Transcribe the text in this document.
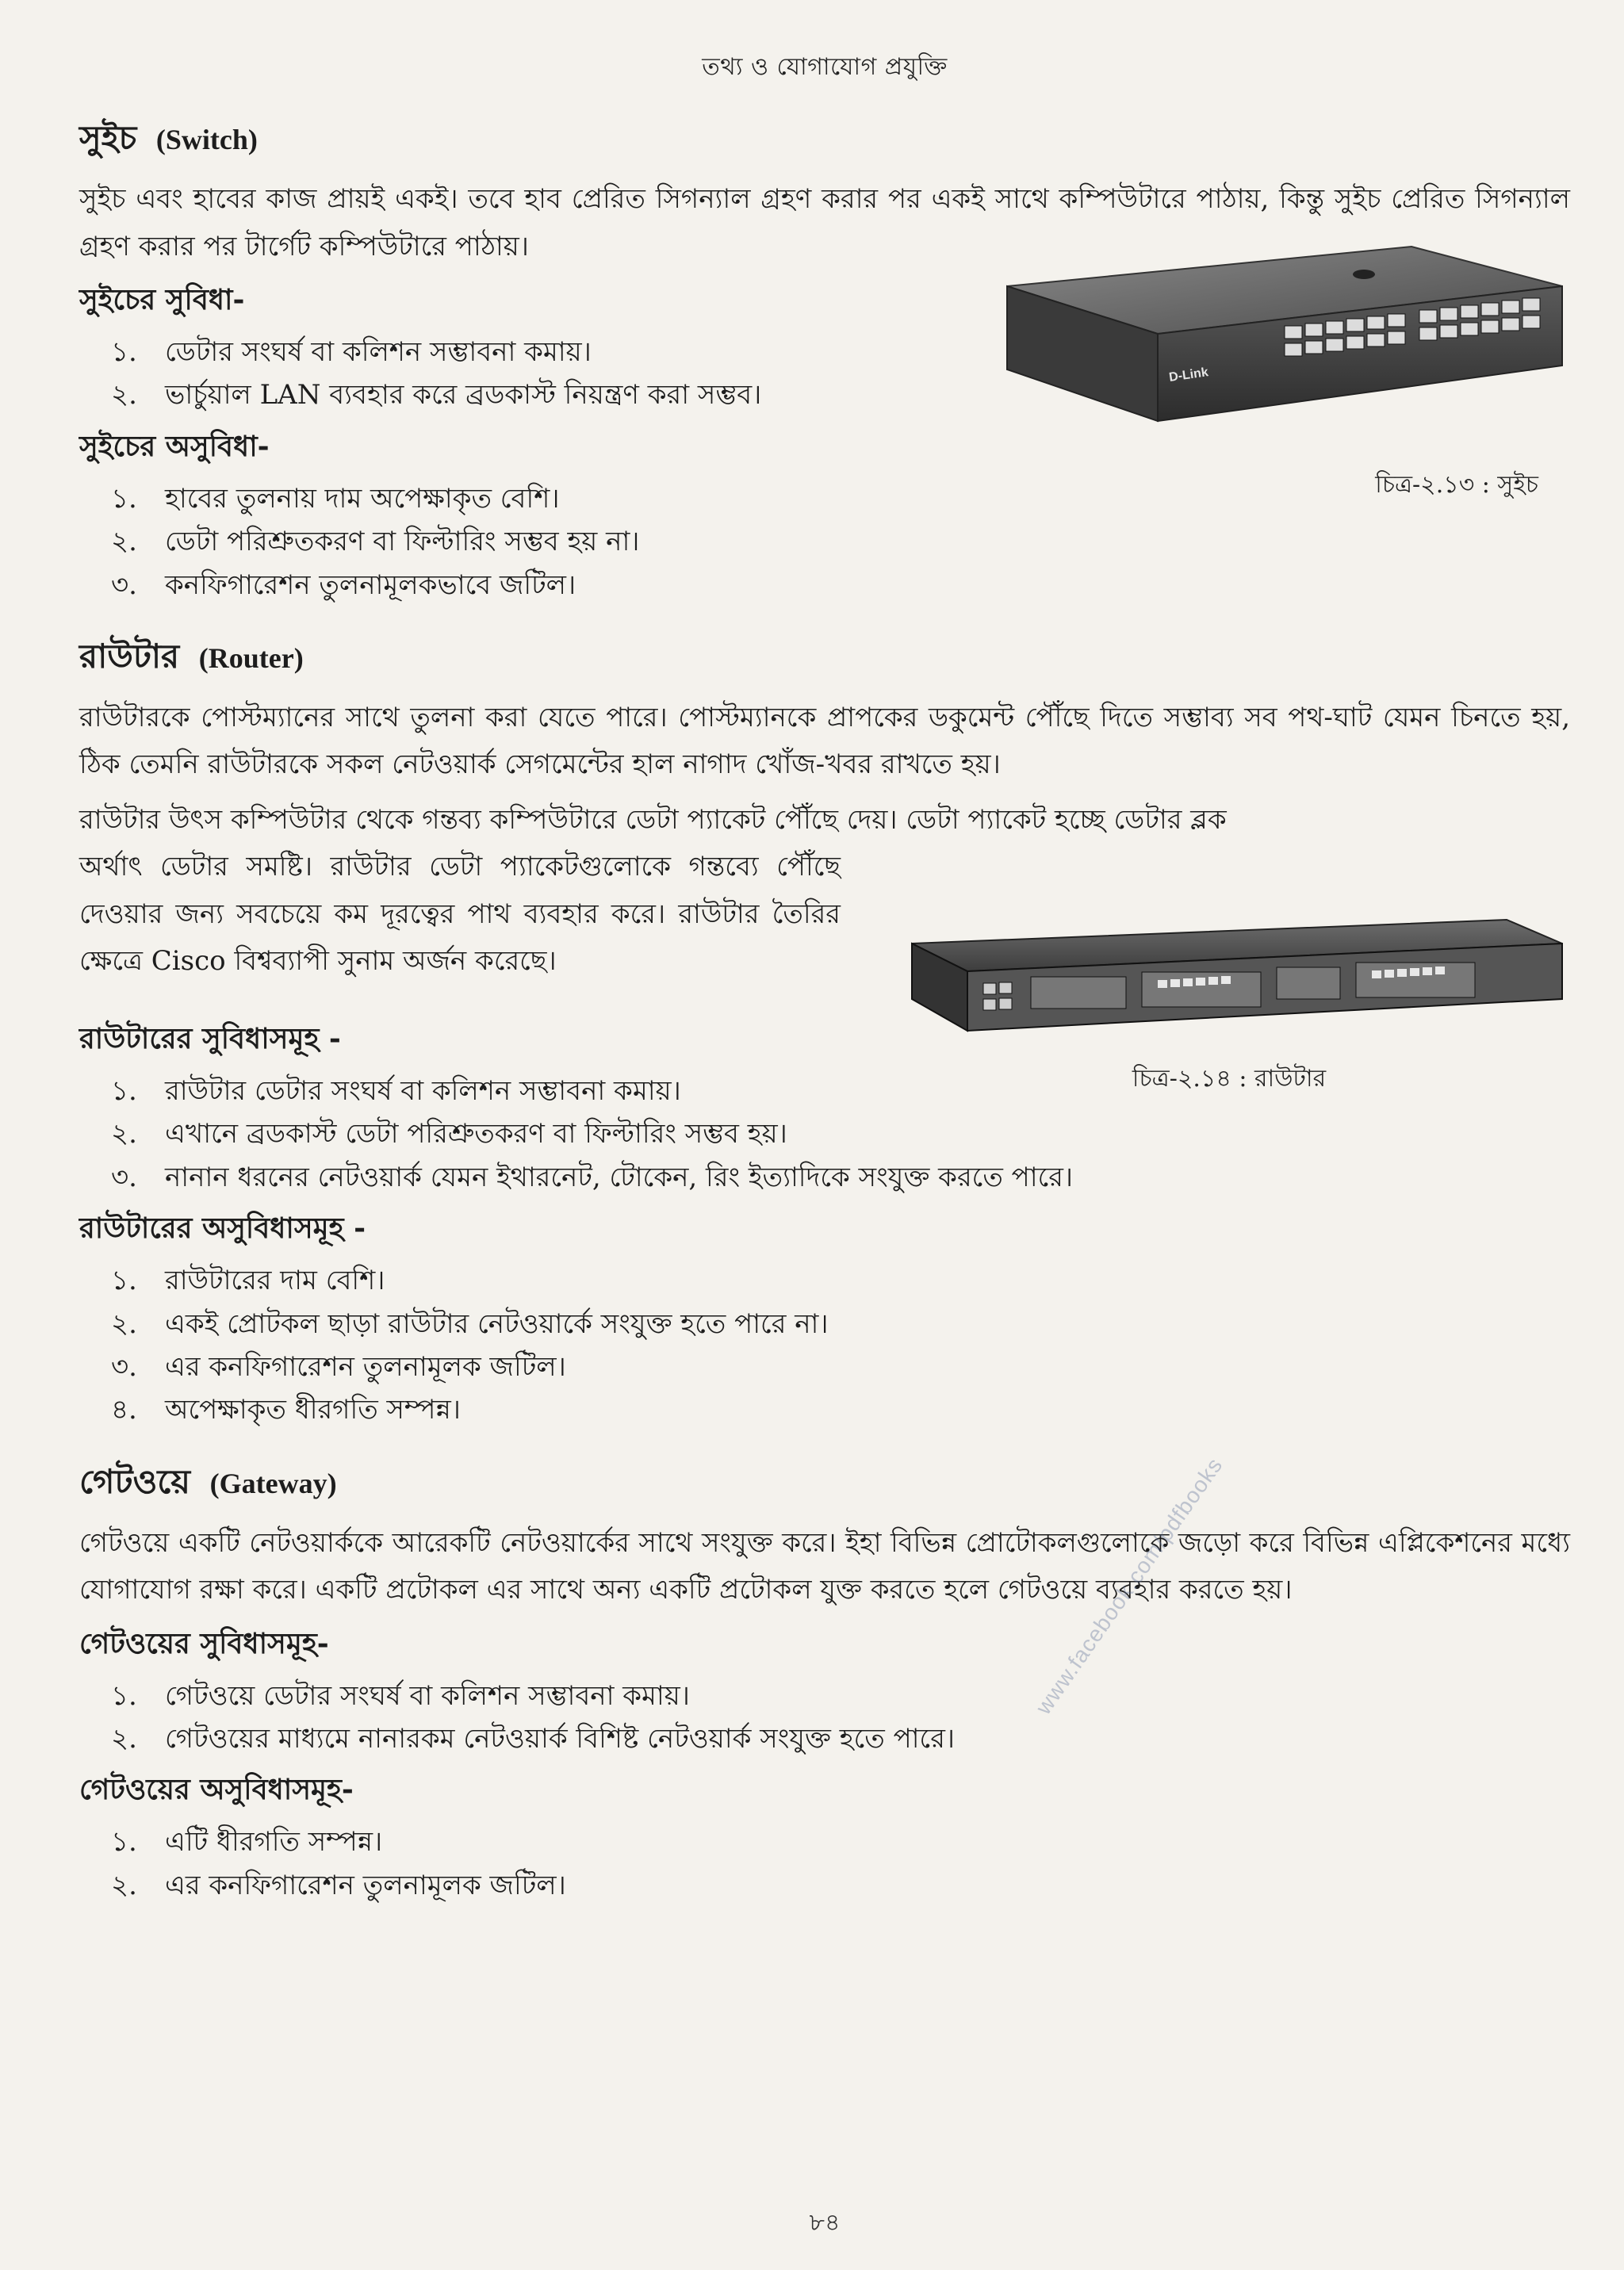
তথ্য ও যোগাযোগ প্রযুক্তি
সুইচ (Switch)

সুইচ এবং হাবের কাজ প্রায়ই একই। তবে হাব প্রেরিত সিগন্যাল গ্রহণ করার পর একই সাথে কম্পিউটারে পাঠায়, কিন্তু সুইচ প্রেরিত সিগন্যাল গ্রহণ করার পর টার্গেট কম্পিউটারে পাঠায়।

সুইচের সুবিধা-
১.	ডেটার সংঘর্ষ বা কলিশন সম্ভাবনা কমায়।
২.	ভার্চুয়াল LAN ব্যবহার করে ব্রডকাস্ট নিয়ন্ত্রণ করা সম্ভব।
সুইচের অসুবিধা-
১.	হাবের তুলনায় দাম অপেক্ষাকৃত বেশি।
২.	ডেটা পরিশ্রুতকরণ বা ফিল্টারিং সম্ভব হয় না।
৩.	কনফিগারেশন তুলনামূলকভাবে জটিল।
D-Link
চিত্র-২.১৩ : সুইচ
রাউটার (Router)

রাউটারকে পোস্টম্যানের সাথে তুলনা করা যেতে পারে। পোস্টম্যানকে প্রাপকের ডকুমেন্ট পৌঁছে দিতে সম্ভাব্য সব পথ-ঘাট যেমন চিনতে হয়, ঠিক তেমনি রাউটারকে সকল নেটওয়ার্ক সেগমেন্টের হাল নাগাদ খোঁজ-খবর রাখতে হয়।

রাউটার উৎস কম্পিউটার থেকে গন্তব্য কম্পিউটারে ডেটা প্যাকেট পৌঁছে দেয়। ডেটা প্যাকেট হচ্ছে ডেটার ব্লক

অর্থাৎ ডেটার সমষ্টি। রাউটার ডেটা প্যাকেটগুলোকে গন্তব্যে পৌঁছে দেওয়ার জন্য সবচেয়ে কম দূরত্বের পাথ ব্যবহার করে। রাউটার তৈরির ক্ষেত্রে Cisco বিশ্বব্যাপী সুনাম অর্জন করেছে।

চিত্র-২.১৪ : রাউটার
রাউটারের সুবিধাসমূহ -
১.	রাউটার ডেটার সংঘর্ষ বা কলিশন সম্ভাবনা কমায়।
২.	এখানে ব্রডকাস্ট ডেটা পরিশ্রুতকরণ বা ফিল্টারিং সম্ভব হয়।
৩.	নানান ধরনের নেটওয়ার্ক যেমন ইথারনেট, টোকেন, রিং ইত্যাদিকে সংযুক্ত করতে পারে।
রাউটারের অসুবিধাসমূহ -
১.	রাউটারের দাম বেশি।
২.	একই প্রোটকল ছাড়া রাউটার নেটওয়ার্কে সংযুক্ত হতে পারে না।
৩.	এর কনফিগারেশন তুলনামূলক জটিল।
৪.	অপেক্ষাকৃত ধীরগতি সম্পন্ন।
গেটওয়ে (Gateway)

গেটওয়ে একটি নেটওয়ার্ককে আরেকটি নেটওয়ার্কের সাথে সংযুক্ত করে। ইহা বিভিন্ন প্রোটোকলগুলোকে জড়ো করে বিভিন্ন এপ্লিকেশনের মধ্যে যোগাযোগ রক্ষা করে। একটি প্রটোকল এর সাথে অন্য একটি প্রটোকল যুক্ত করতে হলে গেটওয়ে ব্যবহার করতে হয়।

গেটওয়ের সুবিধাসমূহ-
১.	গেটওয়ে ডেটার সংঘর্ষ বা কলিশন সম্ভাবনা কমায়।
২.	গেটওয়ের মাধ্যমে নানারকম নেটওয়ার্ক বিশিষ্ট নেটওয়ার্ক সংযুক্ত হতে পারে।
গেটওয়ের অসুবিধাসমূহ-
১.	এটি ধীরগতি সম্পন্ন।
২.	এর কনফিগারেশন তুলনামূলক জটিল।
৮৪
www.facebook.com/pdfbooks
